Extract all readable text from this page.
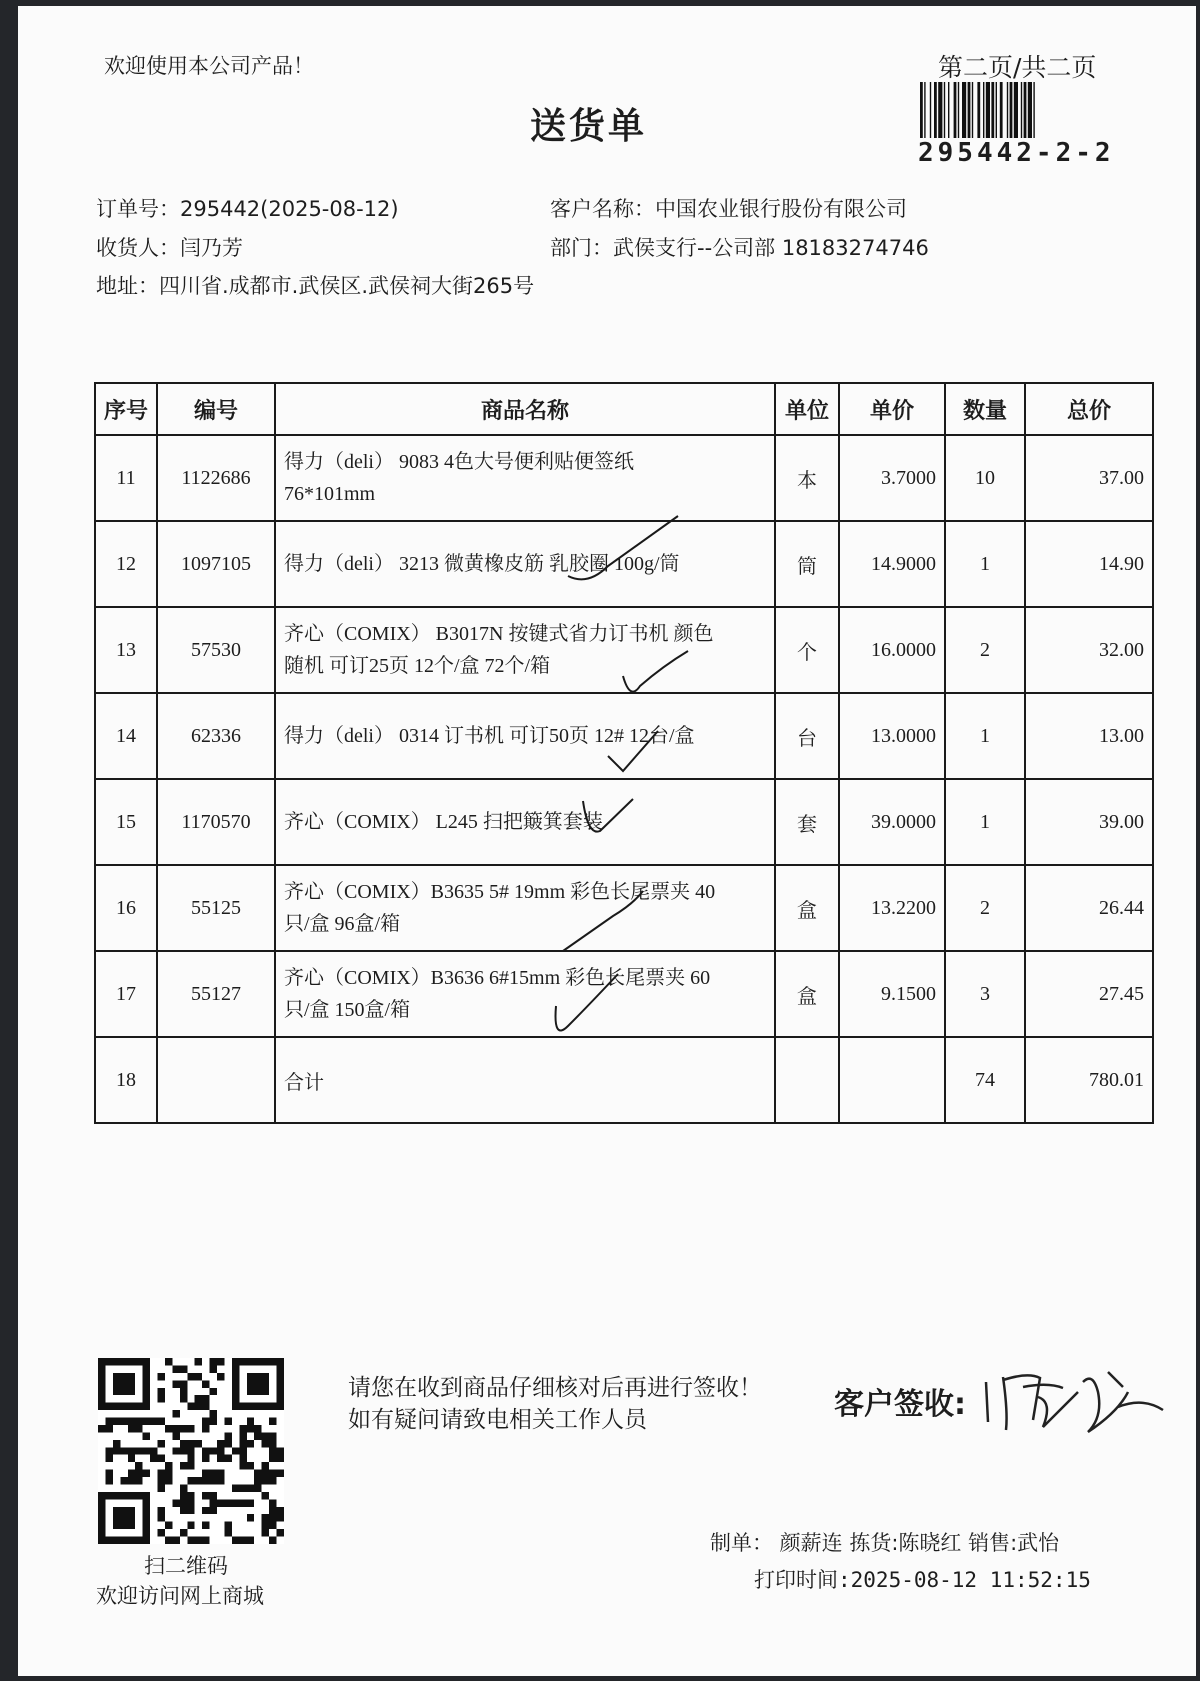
欢迎使用本公司产品！	第二页/共二页
送货单
295442-2-2
订单号：295442(2025-08-12)	客户名称：中国农业银行股份有限公司
收货人：闫乃芳	部门：武侯支行--公司部 18183274746
地址：四川省.成都市.武侯区.武侯祠大街265号
序号	编号	商品名称	单位	单价	数量	总价
11	1122686	得力（deli） 9083 4色大号便利贴便签纸
76*101mm	本	3.7000	10	37.00
12	1097105	得力（deli） 3213 微黄橡皮筋 乳胶圈 100g/筒	筒	14.9000	1	14.90
13	57530	齐心（COMIX） B3017N 按键式省力订书机 颜色
随机 可订25页 12个/盒 72个/箱	个	16.0000	2	32.00
14	62336	得力（deli） 0314 订书机 可订50页 12# 12台/盒	台	13.0000	1	13.00
15	1170570	齐心（COMIX） L245 扫把簸箕套装	套	39.0000	1	39.00
16	55125	齐心（COMIX）B3635 5# 19mm 彩色长尾票夹 40
只/盒 96盒/箱	盒	13.2200	2	26.44
17	55127	齐心（COMIX）B3636 6#15mm 彩色长尾票夹 60
只/盒 150盒/箱	盒	9.1500	3	27.45
18		合计			74	780.01
扫二维码
欢迎访问网上商城
请您在收到商品仔细核对后再进行签收！如有疑问请致电相关工作人员	客户签收:
制单： 颜薪连 拣货:陈晓红 销售:武怡
打印时间:2025-08-12 11:52:15
